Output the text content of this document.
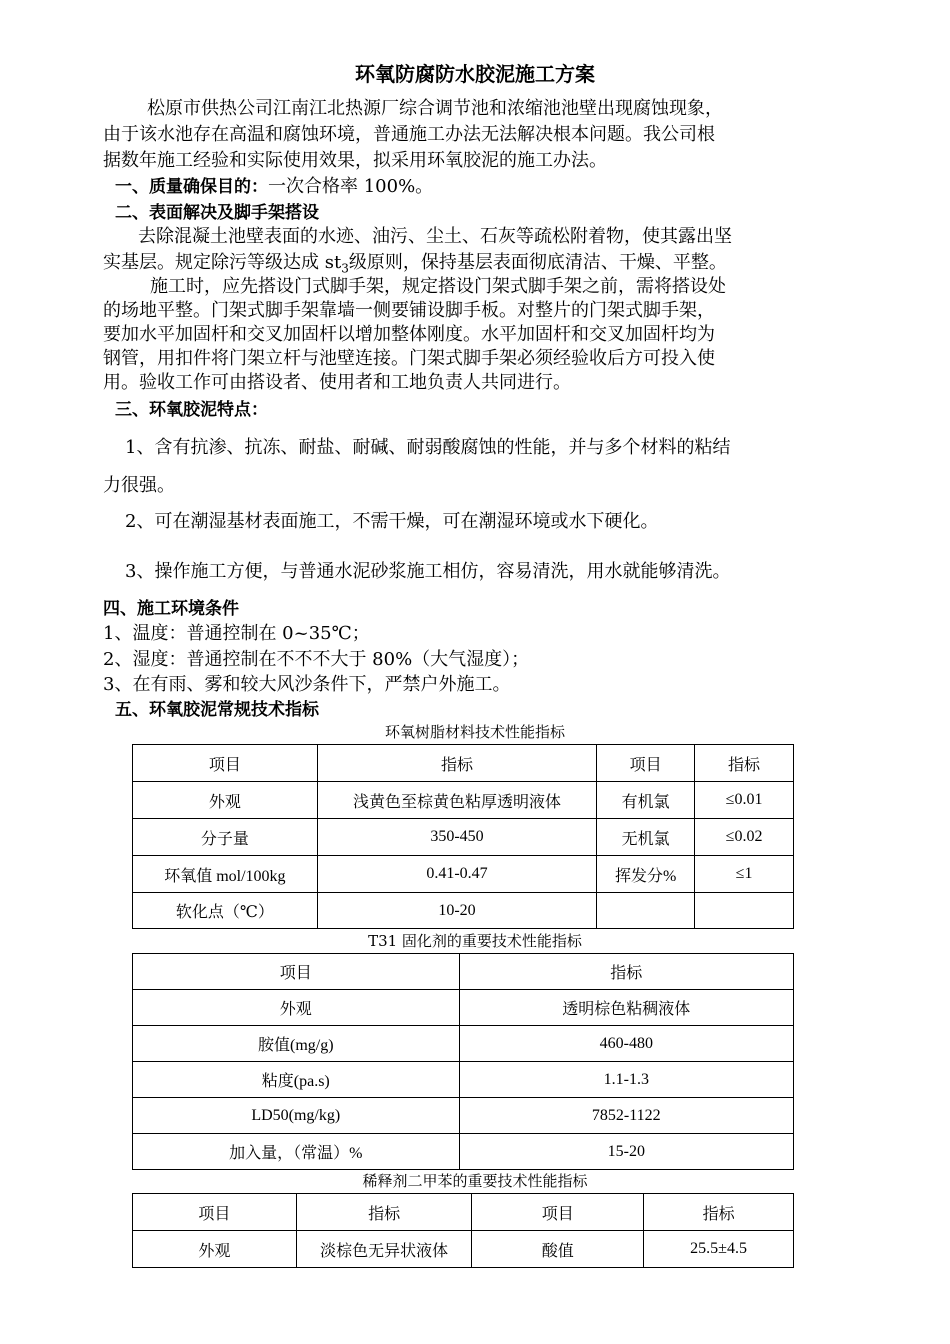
环氧防腐防水胶泥施工方案
松原市供热公司江南江北热源厂综合调节池和浓缩池池壁出现腐蚀现象，
由于该水池存在高温和腐蚀环境，普通施工办法无法解决根本问题。我公司根
据数年施工经验和实际使用效果，拟采用环氧胶泥的施工办法。
一、质量确保目的：一次合格率 100%。
二、表面解决及脚手架搭设
去除混凝土池壁表面的水迹、油污、尘土、石灰等疏松附着物，使其露出坚
实基层。规定除污等级达成 $st_3$级原则，保持基层表面彻底清洁、干燥、平整。
施工时，应先搭设门式脚手架，规定搭设门架式脚手架之前，需将搭设处
的场地平整。门架式脚手架靠墙一侧要铺设脚手板。对整片的门架式脚手架，
要加水平加固杆和交叉加固杆以增加整体刚度。水平加固杆和交叉加固杆均为
钢管，用扣件将门架立杆与池壁连接。门架式脚手架必须经验收后方可投入使
用。验收工作可由搭设者、使用者和工地负责人共同进行。
三、环氧胶泥特点：
1、含有抗渗、抗冻、耐盐、耐碱、耐弱酸腐蚀的性能，并与多个材料的粘结
力很强。
2、可在潮湿基材表面施工，不需干燥，可在潮湿环境或水下硬化。
3、操作施工方便，与普通水泥砂浆施工相仿，容易清洗，用水就能够清洗。
四、施工环境条件
1、温度：普通控制在 0~35℃；
2、湿度：普通控制在不不不大于 80%（大气湿度）；
3、在有雨、雾和较大风沙条件下，严禁户外施工。
五、环氧胶泥常规技术指标
环氧树脂材料技术性能指标
项目	指标	项目	指标
外观	浅黄色至棕黄色粘厚透明液体	有机氯	≤0.01
分子量	350-450	无机氯	≤0.02
环氧值 mol/100kg	0.41-0.47	挥发分%	≤1
软化点（℃）	10-20		
T31 固化剂的重要技术性能指标
项目	指标
外观	透明棕色粘稠液体
胺值(mg/g)	460-480
粘度(pa.s)	1.1-1.3
LD50(mg/kg)	7852-1122
加入量，（常温）%	15-20
稀释剂二甲苯的重要技术性能指标
项目	指标	项目	指标
外观	淡棕色无异状液体	酸值	25.5±4.5
